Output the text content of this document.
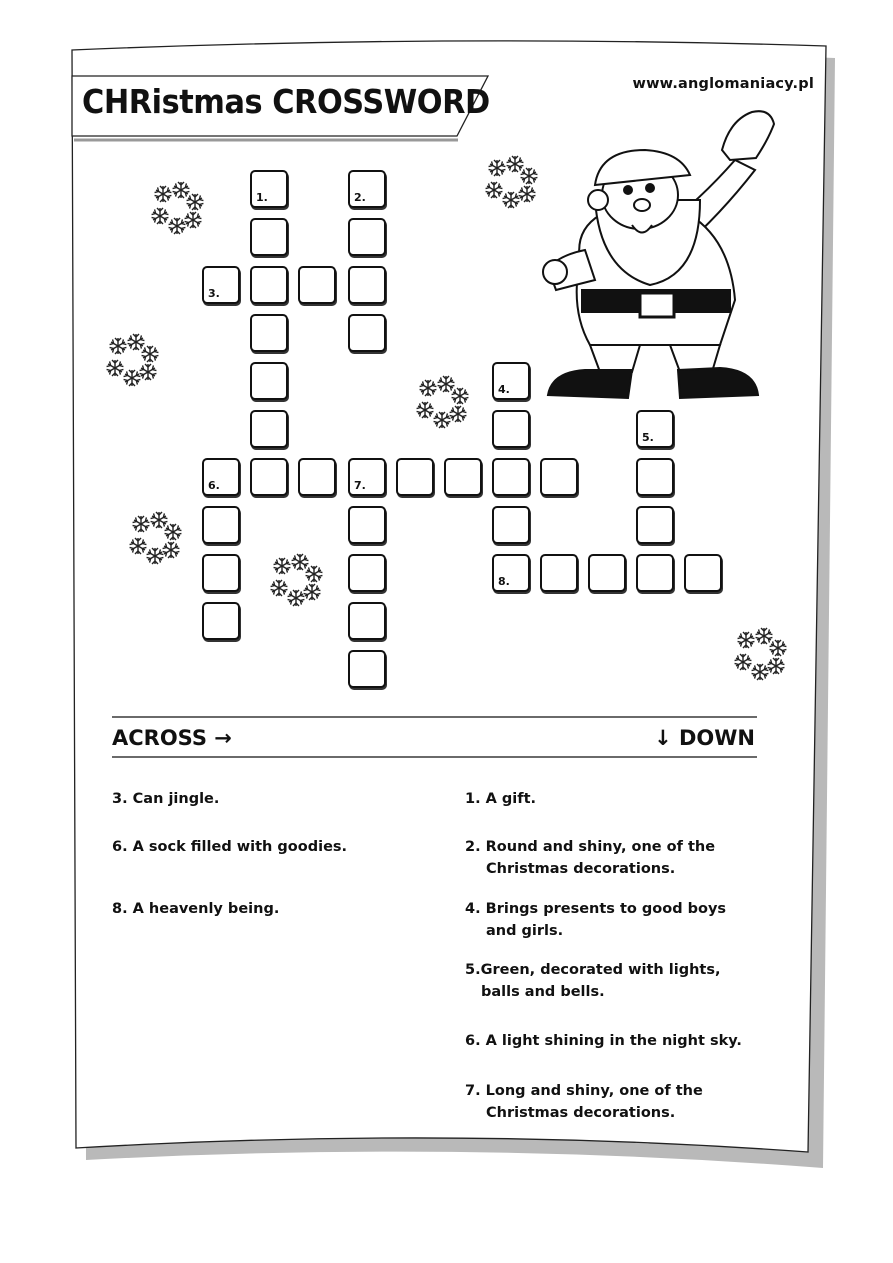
www.anglomaniacy.pl
CHRistmas CROSSWORD
1.	2.
3.
4.
5.
6.	7.
8.
ACROSS →	↓ DOWN
3. Can jingle.
6. A sock filled with goodies.
8. A heavenly being.
1. A gift.
2. Round and shiny, one of the
Christmas decorations.
4. Brings presents to good boys
and girls.
5.Green, decorated with lights,
balls and bells.
6. A light shining in the night sky.
7. Long and shiny, one of the
Christmas decorations.
